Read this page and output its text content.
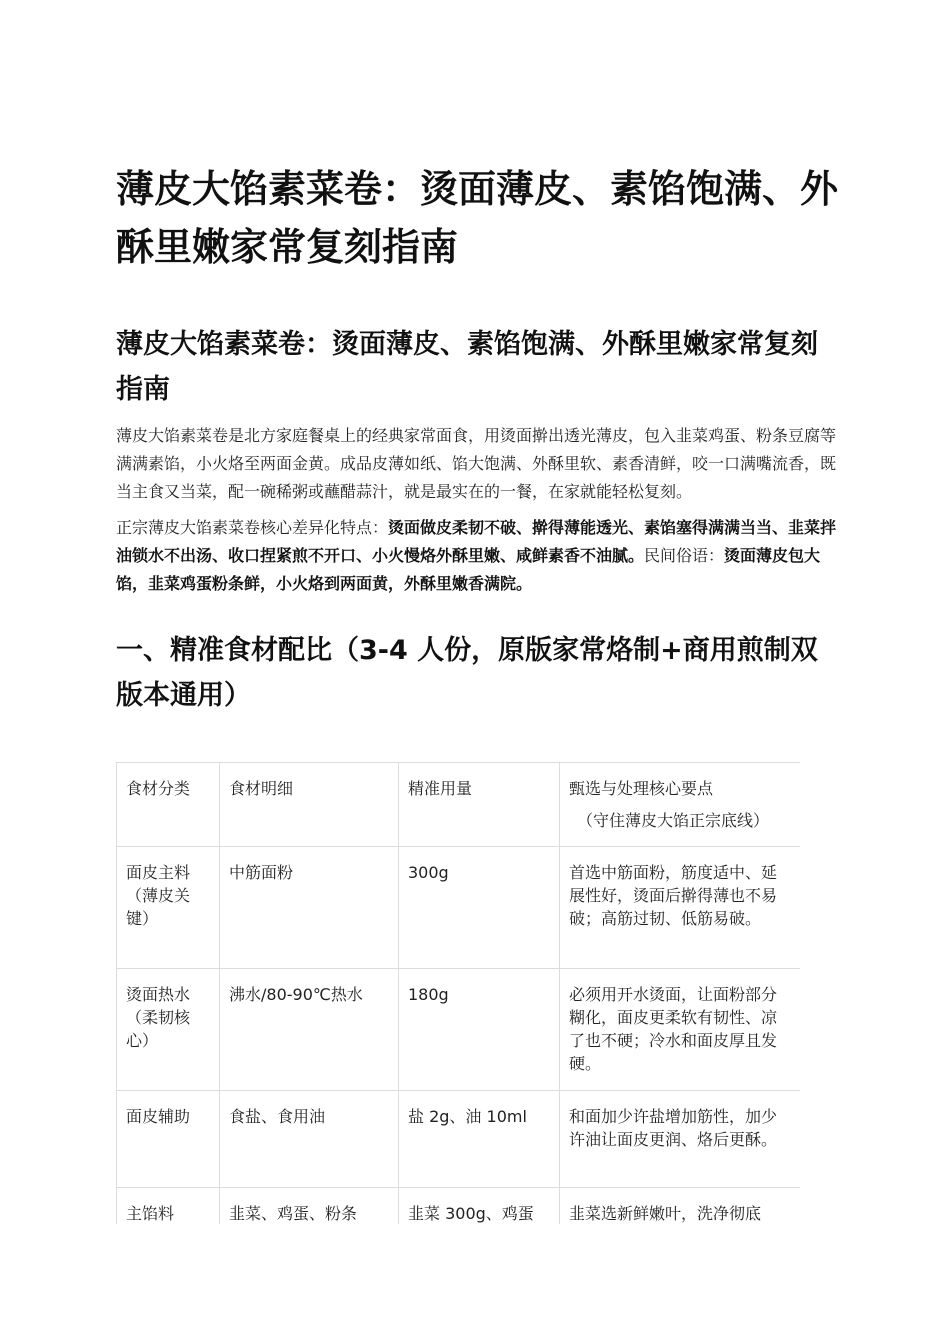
薄皮大馅素菜卷：烫面薄皮、素馅饱满、外酥里嫩家常复刻指南
薄皮大馅素菜卷：烫面薄皮、素馅饱满、外酥里嫩家常复刻指南

薄皮大馅素菜卷是北方家庭餐桌上的经典家常面食，用烫面擀出透光薄皮，包入韭菜鸡蛋、粉条豆腐等满满素馅，小火烙至两面金黄。成品皮薄如纸、馅大饱满、外酥里软、素香清鲜，咬一口满嘴流香，既当主食又当菜，配一碗稀粥或蘸醋蒜汁，就是最实在的一餐，在家就能轻松复刻。

正宗薄皮大馅素菜卷核心差异化特点：烫面做皮柔韧不破、擀得薄能透光、素馅塞得满满当当、韭菜拌油锁水不出汤、收口捏紧煎不开口、小火慢烙外酥里嫩、咸鲜素香不油腻。民间俗语：烫面薄皮包大馅，韭菜鸡蛋粉条鲜，小火烙到两面黄，外酥里嫩香满院。

一、精准食材配比（3-4 人份，原版家常烙制+商用煎制双版本通用）
食材分类	食材明细	精准用量	甄选与处理核心要点
（守住薄皮大馅正宗底线）

面皮主料（薄皮关键）	中筋面粉	300g	首选中筋面粉，筋度适中、延展性好，烫面后擀得薄也不易破；高筋过韧、低筋易破。
烫面热水（柔韧核心）	沸水/80-90℃热水	180g	必须用开水烫面，让面粉部分糊化，面皮更柔软有韧性、凉了也不硬；冷水和面皮厚且发硬。
面皮辅助	食盐、食用油	盐 2g、油 10ml	和面加少许盐增加筋性，加少许油让面皮更润、烙后更酥。
主馅料	韭菜、鸡蛋、粉条	韭菜 300g、鸡蛋	韭菜选新鲜嫩叶，洗净彻底
